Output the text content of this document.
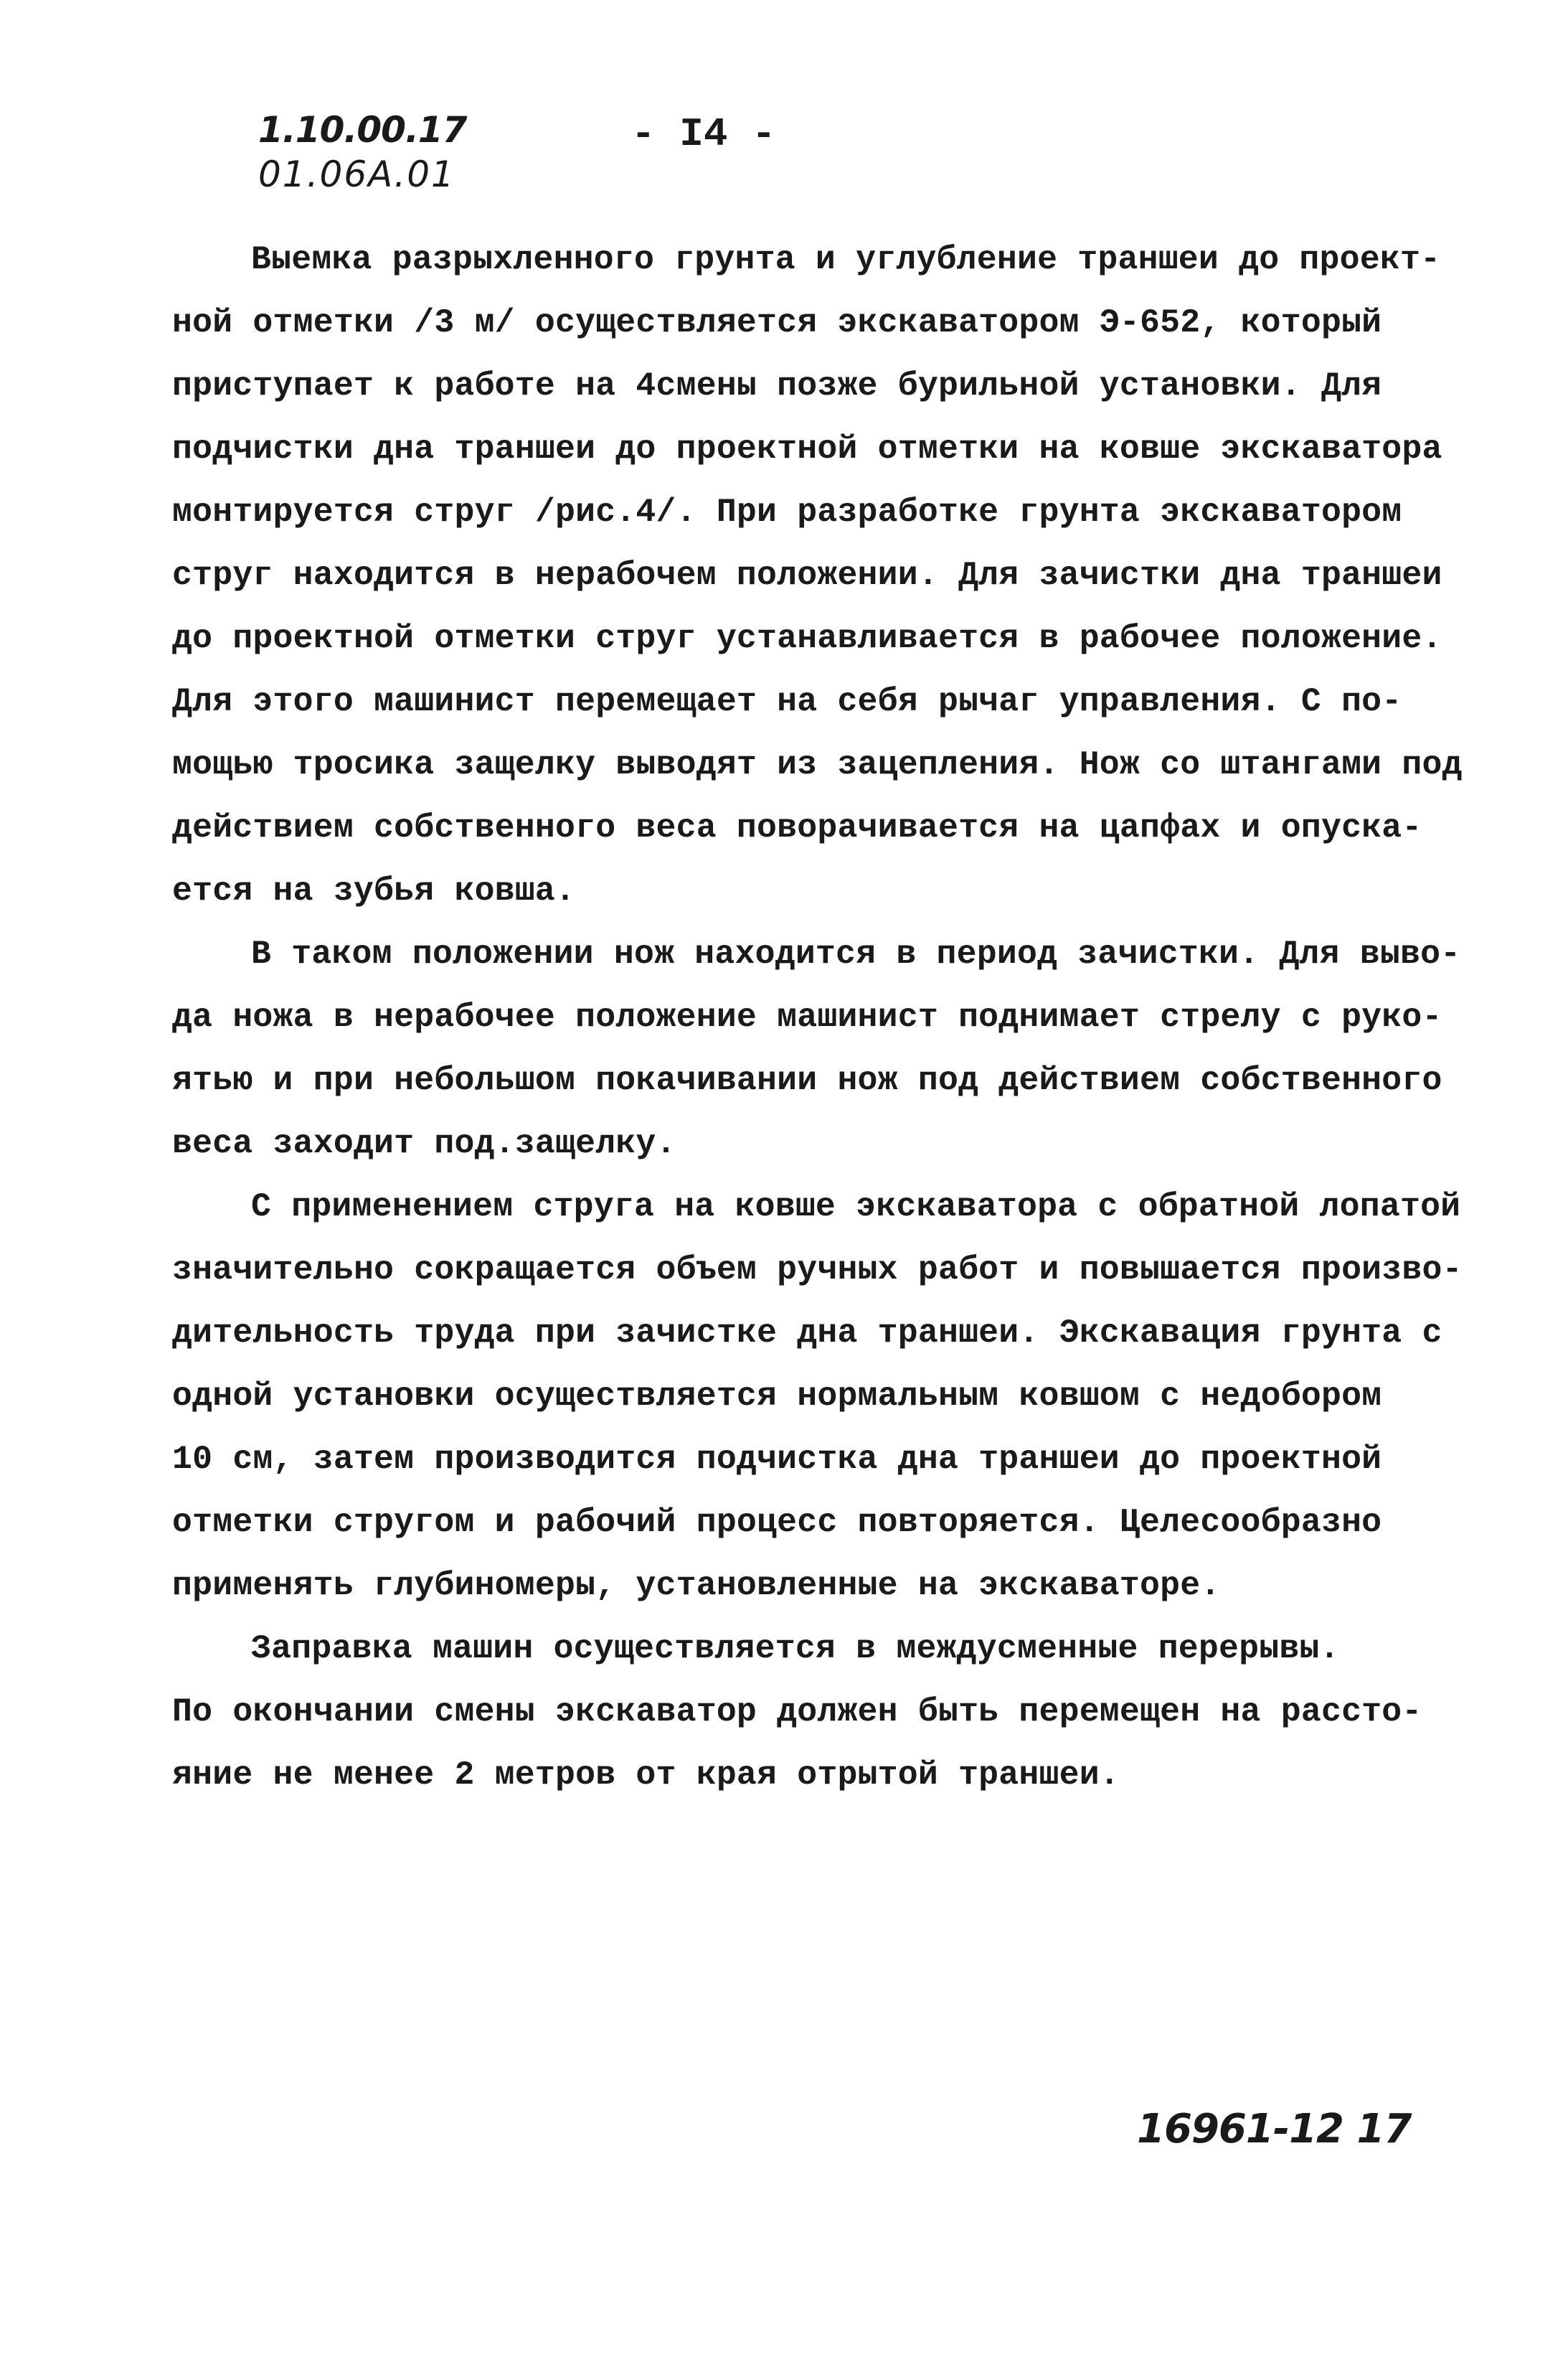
1.10.00.17
01.06А.01
- I4 -
Выемка разрыхленного грунта и углубление траншеи до проект-
ной отметки /3 м/ осуществляется экскаватором Э-652, который
приступает к работе на 4смены позже бурильной установки. Для
подчистки дна траншеи до проектной отметки на ковше экскаватора
монтируется струг /рис.4/. При разработке грунта экскаватором
струг находится в нерабочем положении. Для зачистки дна траншеи
до проектной отметки струг устанавливается в рабочее положение.
Для этого машинист перемещает на себя рычаг управления. С по-
мощью тросика защелку выводят из зацепления. Нож со штангами под
действием собственного веса поворачивается на цапфах и опуска-
ется на зубья ковша.
В таком положении нож находится в период зачистки. Для выво-
да ножа в нерабочее положение машинист поднимает стрелу с руко-
ятью и при небольшом покачивании нож под действием собственного
веса заходит под.защелку.
С применением струга на ковше экскаватора с обратной лопатой
значительно сокращается объем ручных работ и повышается произво-
дительность труда при зачистке дна траншеи. Экскавация грунта с
одной установки осуществляется нормальным ковшом с недобором
10 см, затем производится подчистка дна траншеи до проектной
отметки стругом и рабочий процесс повторяется. Целесообразно
применять глубиномеры, установленные на экскаваторе.
Заправка машин осуществляется в междусменные перерывы.
По окончании смены экскаватор должен быть перемещен на рассто-
яние не менее 2 метров от края отрытой траншеи.
16961-12 17
